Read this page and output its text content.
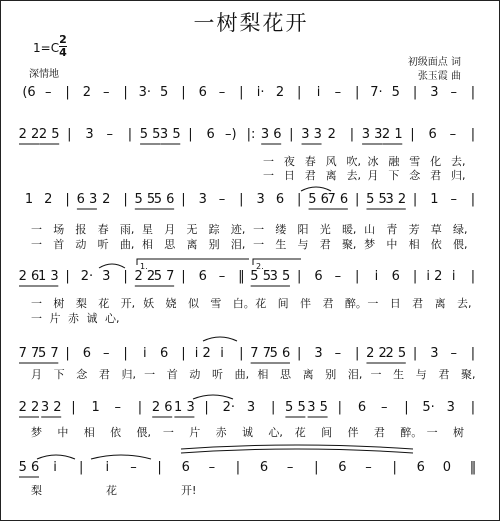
一树梨花开
1=C
2
4
深情地
初级面点 词
张玉霞 曲
(6 –	| 2 –	| 3· 5 | 6 –	|	i· 2 |	i	–	| 7· 5 | 3 –	|
2 2 2 5 |	3 –	| 5 5 3 5 |	6 –) |: 3 6 | 3 3 2	| 3 3 2 1 |	6 –	|
1 2 | 6 3 2 | 5 5
5 6 | 3 –	| 3 6 | 5 6
7 6 | 5 5
3 2 | 1 –	|
2 6
1 3 | 2· 3 | 2 2
5 7 | 6 – ‖ 5 5
3 5 | 6 –	|	i	6 | i 2 i	|
7 7
5 7 | 6 –	|	i	6 | i 2 i	| 7 7
5 6 | 3 –	| 2 2
2 5 | 3 –	|
2 2 3 2 |	1	–	| 2 6 1 3 |	2· 3	| 5 5 3 5 |	6	–	|	5· 3	|
5 6	i	|	i	–	|	6	–	|	6	–	|	6	–	|	6	0	‖
一 夜 春 风 吹, 冰 融 雪 化 去,
一 日 君 离 去, 月 下 念 君 归,
一 场 报 春 雨, 星 月 无 踪 迹, 一 缕 阳 光 暖, 山 青 芳 草 绿,
一 首 动 听 曲, 相 思 离 别 泪, 一 生 与 君 聚, 梦 中 相 依 偎,
一 树 梨 花 开, 妖 娆 似 雪 白。 花 间 伴 君 醉。 一 日 君 离 去,
一 片 赤 诚 心,
月 下 念 君 归, 一 首 动 听 曲, 相 思 离 别 泪, 一 生 与 君 聚,
梦 中 相 依 偎, 一 片 赤 诚 心, 花 间 伴 君 醉。 一 树
梨	花	开!
1.	2.
